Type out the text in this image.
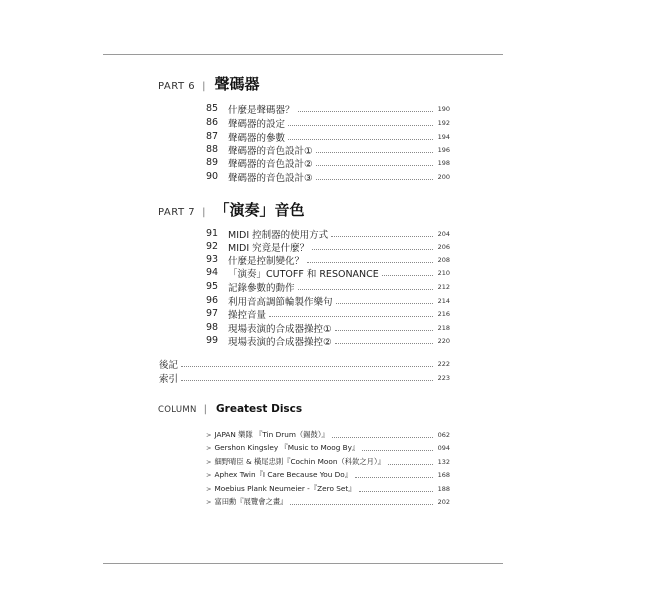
PART 6 | 聲碼器
85	什麼是聲碼器？	190
86	聲碼器的設定	192
87	聲碼器的參數	194
88	聲碼器的音色設計①	196
89	聲碼器的音色設計②	198
90	聲碼器的音色設計③	200
PART 7 | 「演奏」音色
91	MIDI 控制器的使用方式	204
92	MIDI 究竟是什麼？	206
93	什麼是控制變化？	208
94	「演奏」CUTOFF 和 RESONANCE	210
95	記錄參數的動作	212
96	利用音高調節輪製作樂句	214
97	操控音量	216
98	現場表演的合成器操控①	218
99	現場表演的合成器操控②	220
後記	222
索引	223
COLUMN | Greatest Discs
> JAPAN 樂隊 『Tin Drum（錫鼓）』	062
> Gershon Kingsley 『Music to Moog By』	094
> 細野晴臣 & 橫尾忠則『Cochin Moon（科欽之月）』	132
> Aphex Twin『I Care Because You Do』	168
> Moebius Plank Neumeier -『Zero Set』	188
> 富田勳『展覽會之畫』	202
